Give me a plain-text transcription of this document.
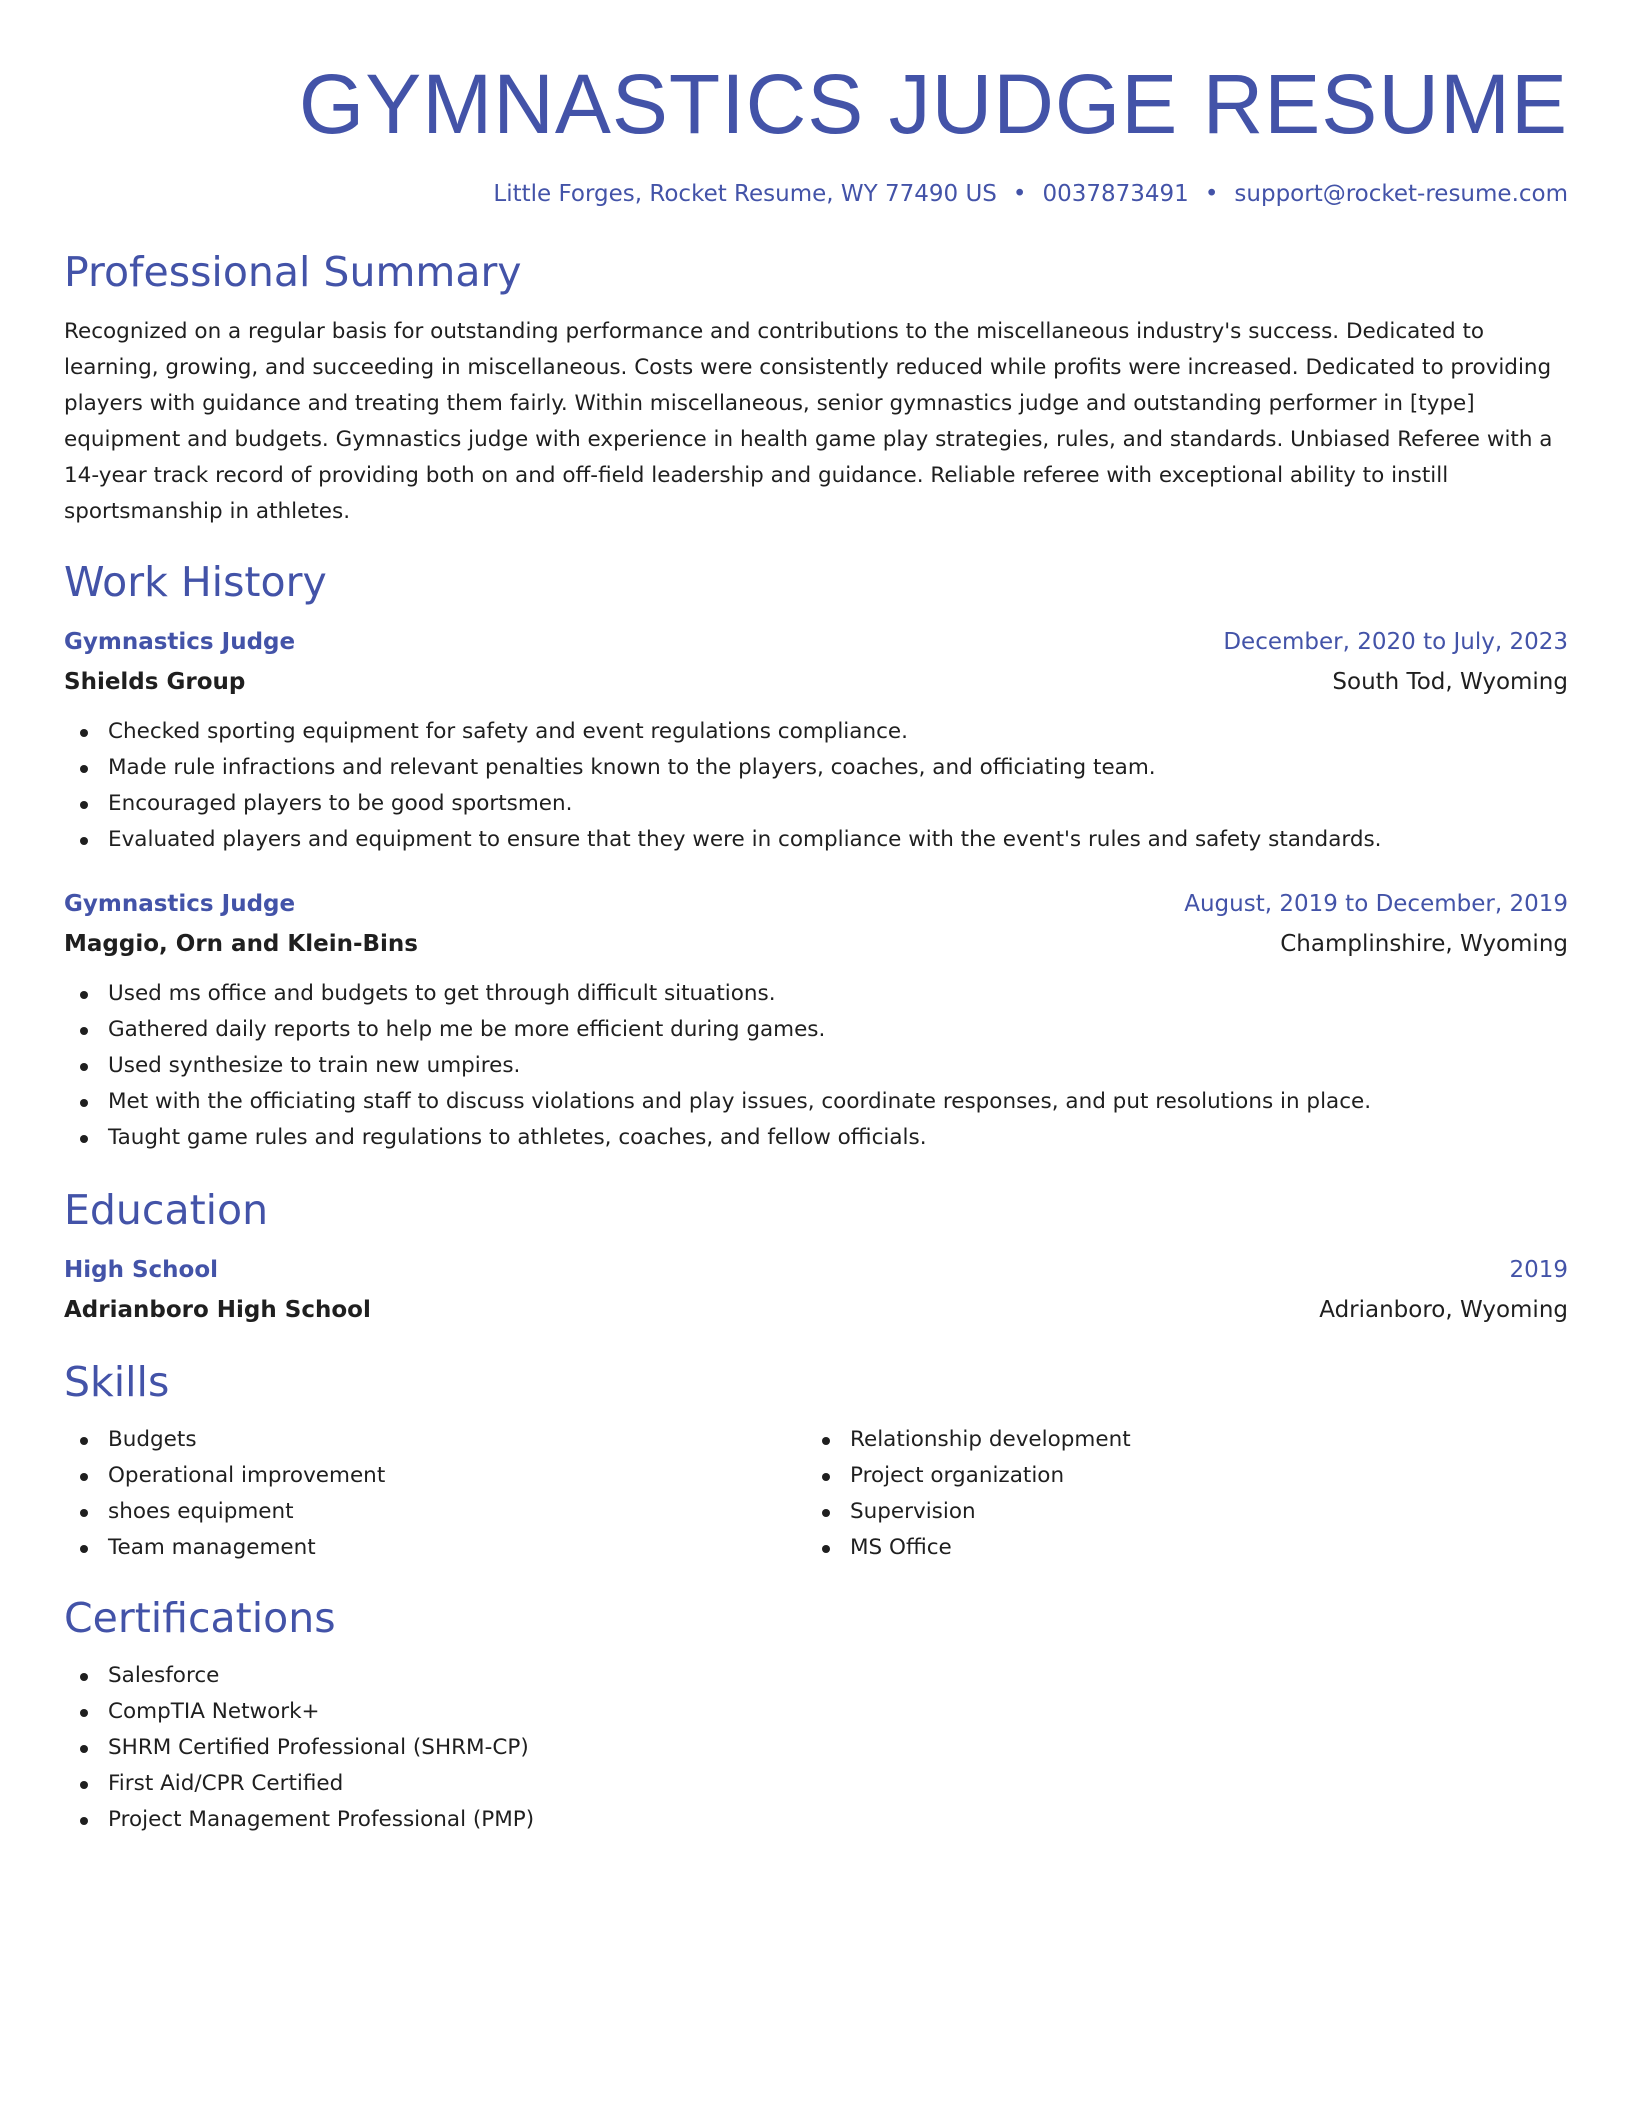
GYMNASTICS JUDGE RESUME
Little Forges, Rocket Resume, WY 77490 US • 0037873491 • support@rocket-resume.com
Professional Summary

Recognized on a regular basis for outstanding performance and contributions to the miscellaneous industry's success. Dedicated to learning, growing, and succeeding in miscellaneous. Costs were consistently reduced while profits were increased. Dedicated to providing players with guidance and treating them fairly. Within miscellaneous, senior gymnastics judge and outstanding performer in [type] equipment and budgets. Gymnastics judge with experience in health game play strategies, rules, and standards. Unbiased Referee with a 14-year track record of providing both on and off-field leadership and guidance. Reliable referee with exceptional ability to instill sportsmanship in athletes.

Work History
Gymnastics Judge	December, 2020 to July, 2023
Shields Group	South Tod, Wyoming
Checked sporting equipment for safety and event regulations compliance.
Made rule infractions and relevant penalties known to the players, coaches, and officiating team.
Encouraged players to be good sportsmen.
Evaluated players and equipment to ensure that they were in compliance with the event's rules and safety standards.
Gymnastics Judge	August, 2019 to December, 2019
Maggio, Orn and Klein-Bins	Champlinshire, Wyoming
Used ms office and budgets to get through difficult situations.
Gathered daily reports to help me be more efficient during games.
Used synthesize to train new umpires.
Met with the officiating staff to discuss violations and play issues, coordinate responses, and put resolutions in place.
Taught game rules and regulations to athletes, coaches, and fellow officials.
Education
High School	2019
Adrianboro High School	Adrianboro, Wyoming
Skills
Budgets
Operational improvement
shoes equipment
Team management
Relationship development
Project organization
Supervision
MS Office
Certifications
Salesforce
CompTIA Network+
SHRM Certified Professional (SHRM-CP)
First Aid/CPR Certified
Project Management Professional (PMP)
